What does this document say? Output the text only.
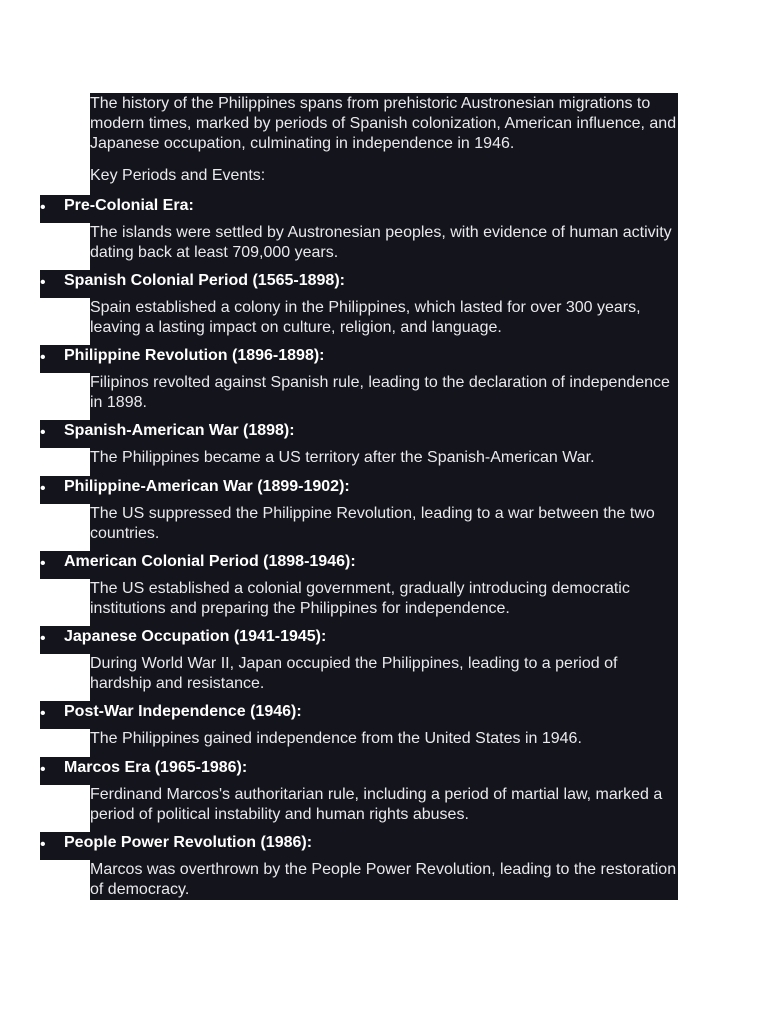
The history of the Philippines spans from prehistoric Austronesian migrations to modern times, marked by periods of Spanish colonization, American influence, and Japanese occupation, culminating in independence in 1946.
Key Periods and Events:
• Pre-Colonial Era:
The islands were settled by Austronesian peoples, with evidence of human activity dating back at least 709,000 years.
• Spanish Colonial Period (1565-1898):
Spain established a colony in the Philippines, which lasted for over 300 years, leaving a lasting impact on culture, religion, and language.
• Philippine Revolution (1896-1898):
Filipinos revolted against Spanish rule, leading to the declaration of independence in 1898.
• Spanish-American War (1898):
The Philippines became a US territory after the Spanish-American War.
• Philippine-American War (1899-1902):
The US suppressed the Philippine Revolution, leading to a war between the two countries.
• American Colonial Period (1898-1946):
The US established a colonial government, gradually introducing democratic institutions and preparing the Philippines for independence.
• Japanese Occupation (1941-1945):
During World War II, Japan occupied the Philippines, leading to a period of hardship and resistance.
• Post-War Independence (1946):
The Philippines gained independence from the United States in 1946.
• Marcos Era (1965-1986):
Ferdinand Marcos's authoritarian rule, including a period of martial law, marked a period of political instability and human rights abuses.
• People Power Revolution (1986):
Marcos was overthrown by the People Power Revolution, leading to the restoration of democracy.
